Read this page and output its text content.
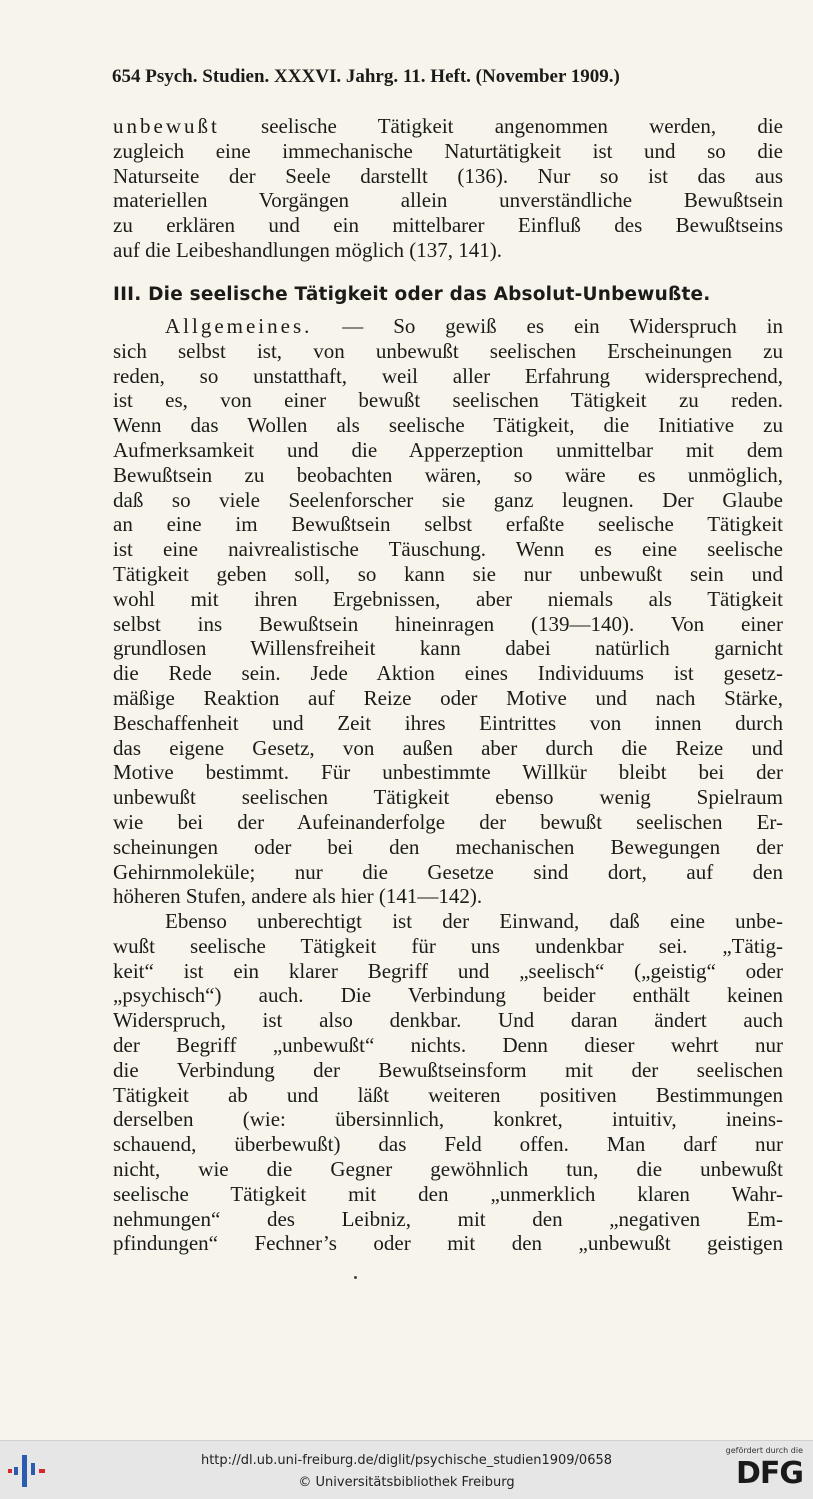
654 Psych. Studien. XXXVI. Jahrg. 11. Heft. (November 1909.)
unbewußt seelische Tätigkeit angenommen werden, die
zugleich eine immechanische Naturtätigkeit ist und so die
Naturseite der Seele darstellt (136). Nur so ist das aus
materiellen Vorgängen allein unverständliche Bewußtsein
zu erklären und ein mittelbarer Einfluß des Bewußtseins
auf die Leibeshandlungen möglich (137, 141).
III. Die seelische Tätigkeit oder das Absolut-Unbewußte.
Allgemeines. — So gewiß es ein Widerspruch in
sich selbst ist, von unbewußt seelischen Erscheinungen zu
reden, so unstatthaft, weil aller Erfahrung widersprechend,
ist es, von einer bewußt seelischen Tätigkeit zu reden.
Wenn das Wollen als seelische Tätigkeit, die Initiative zu
Aufmerksamkeit und die Apperzeption unmittelbar mit dem
Bewußtsein zu beobachten wären, so wäre es unmöglich,
daß so viele Seelenforscher sie ganz leugnen. Der Glaube
an eine im Bewußtsein selbst erfaßte seelische Tätigkeit
ist eine naivrealistische Täuschung. Wenn es eine seelische
Tätigkeit geben soll, so kann sie nur unbewußt sein und
wohl mit ihren Ergebnissen, aber niemals als Tätigkeit
selbst ins Bewußtsein hineinragen (139—140). Von einer
grundlosen Willensfreiheit kann dabei natürlich garnicht
die Rede sein. Jede Aktion eines Individuums ist gesetz-
mäßige Reaktion auf Reize oder Motive und nach Stärke,
Beschaffenheit und Zeit ihres Eintrittes von innen durch
das eigene Gesetz, von außen aber durch die Reize und
Motive bestimmt. Für unbestimmte Willkür bleibt bei der
unbewußt seelischen Tätigkeit ebenso wenig Spielraum
wie bei der Aufeinanderfolge der bewußt seelischen Er-
scheinungen oder bei den mechanischen Bewegungen der
Gehirnmoleküle; nur die Gesetze sind dort, auf den
höheren Stufen, andere als hier (141—142).
Ebenso unberechtigt ist der Einwand, daß eine unbe-
wußt seelische Tätigkeit für uns undenkbar sei. „Tätig-
keit“ ist ein klarer Begriff und „seelisch“ („geistig“ oder
„psychisch“) auch. Die Verbindung beider enthält keinen
Widerspruch, ist also denkbar. Und daran ändert auch
der Begriff „unbewußt“ nichts. Denn dieser wehrt nur
die Verbindung der Bewußtseinsform mit der seelischen
Tätigkeit ab und läßt weiteren positiven Bestimmungen
derselben (wie: übersinnlich, konkret, intuitiv, ineins-
schauend, überbewußt) das Feld offen. Man darf nur
nicht, wie die Gegner gewöhnlich tun, die unbewußt
seelische Tätigkeit mit den „unmerklich klaren Wahr-
nehmungen“ des Leibniz, mit den „negativen Em-
pfindungen“ Fechner’s oder mit den „unbewußt geistigen
http://dl.ub.uni-freiburg.de/diglit/psychische_studien1909/0658
© Universitätsbibliothek Freiburg
gefördert durch die
DFG
